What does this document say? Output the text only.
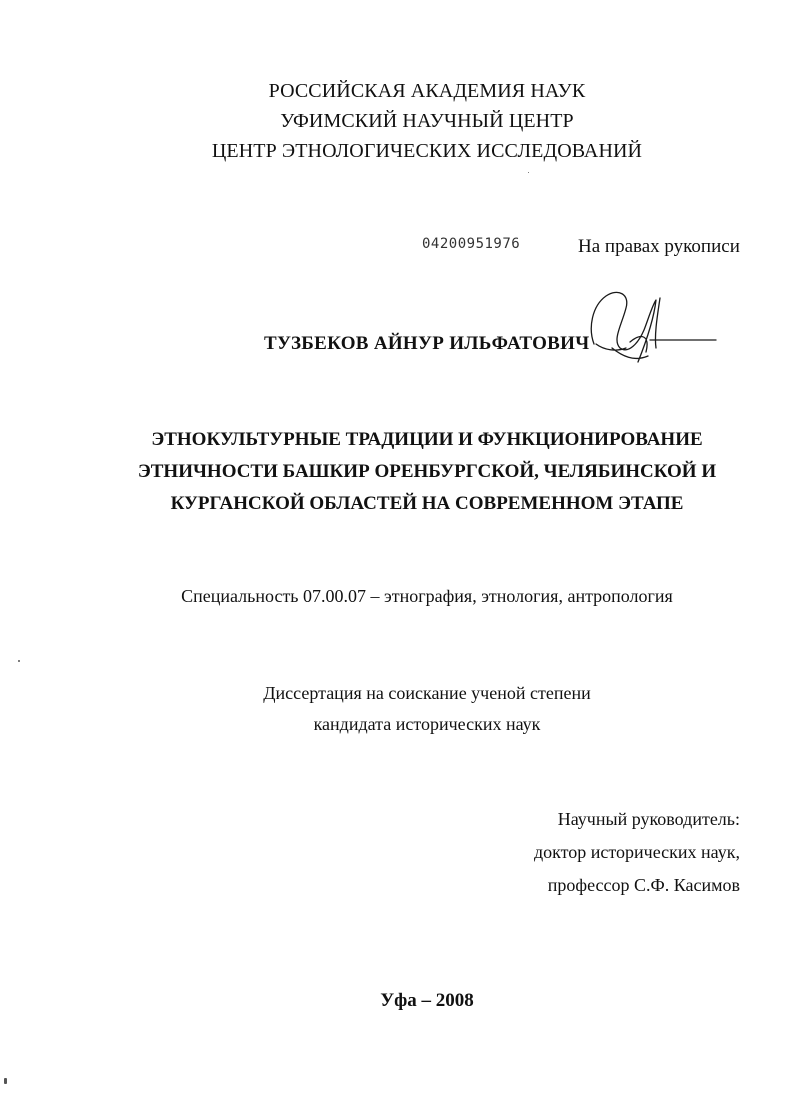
РОССИЙСКАЯ АКАДЕМИЯ НАУК
УФИМСКИЙ НАУЧНЫЙ ЦЕНТР
ЦЕНТР ЭТНОЛОГИЧЕСКИХ ИССЛЕДОВАНИЙ
04200951976	На правах рукописи
ТУЗБЕКОВ АЙНУР ИЛЬФАТОВИЧ
ЭТНОКУЛЬТУРНЫЕ ТРАДИЦИИ И ФУНКЦИОНИРОВАНИЕ
ЭТНИЧНОСТИ БАШКИР ОРЕНБУРГСКОЙ, ЧЕЛЯБИНСКОЙ И
КУРГАНСКОЙ ОБЛАСТЕЙ НА СОВРЕМЕННОМ ЭТАПЕ
Специальность 07.00.07 – этнография, этнология, антропология
Диссертация на соискание ученой степени
кандидата исторических наук
Научный руководитель:
доктор исторических наук,
профессор С.Ф. Касимов
Уфа – 2008
